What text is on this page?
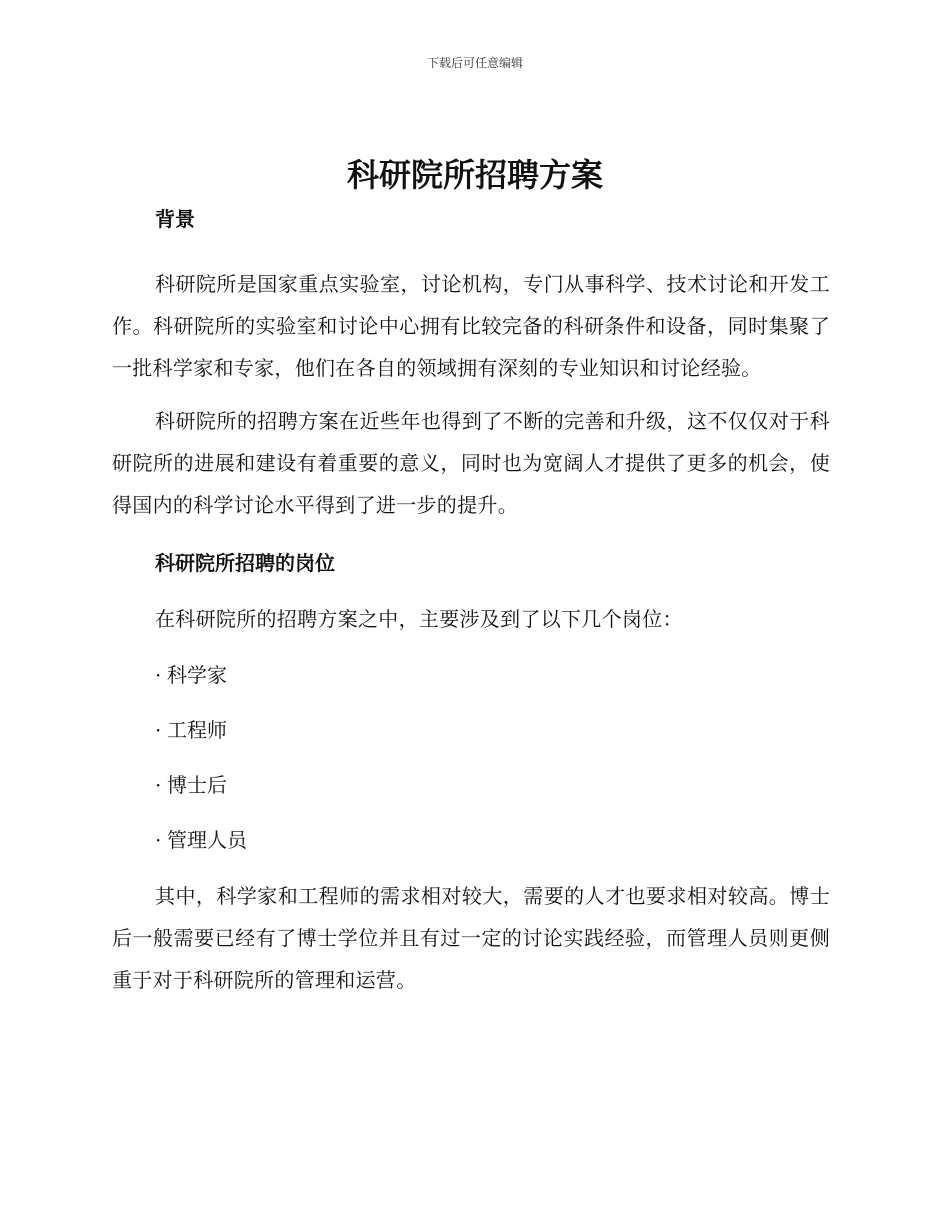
下载后可任意编辑
科研院所招聘方案
背景

科研院所是国家重点实验室，讨论机构，专门从事科学、技术讨论和开发工作。科研院所的实验室和讨论中心拥有比较完备的科研条件和设备，同时集聚了一批科学家和专家，他们在各自的领域拥有深刻的专业知识和讨论经验。

科研院所的招聘方案在近些年也得到了不断的完善和升级，这不仅仅对于科研院所的进展和建设有着重要的意义，同时也为宽阔人才提供了更多的机会，使得国内的科学讨论水平得到了进一步的提升。

科研院所招聘的岗位

在科研院所的招聘方案之中，主要涉及到了以下几个岗位：

· 科学家
· 工程师
· 博士后
· 管理人员

其中，科学家和工程师的需求相对较大，需要的人才也要求相对较高。博士后一般需要已经有了博士学位并且有过一定的讨论实践经验，而管理人员则更侧重于对于科研院所的管理和运营。
